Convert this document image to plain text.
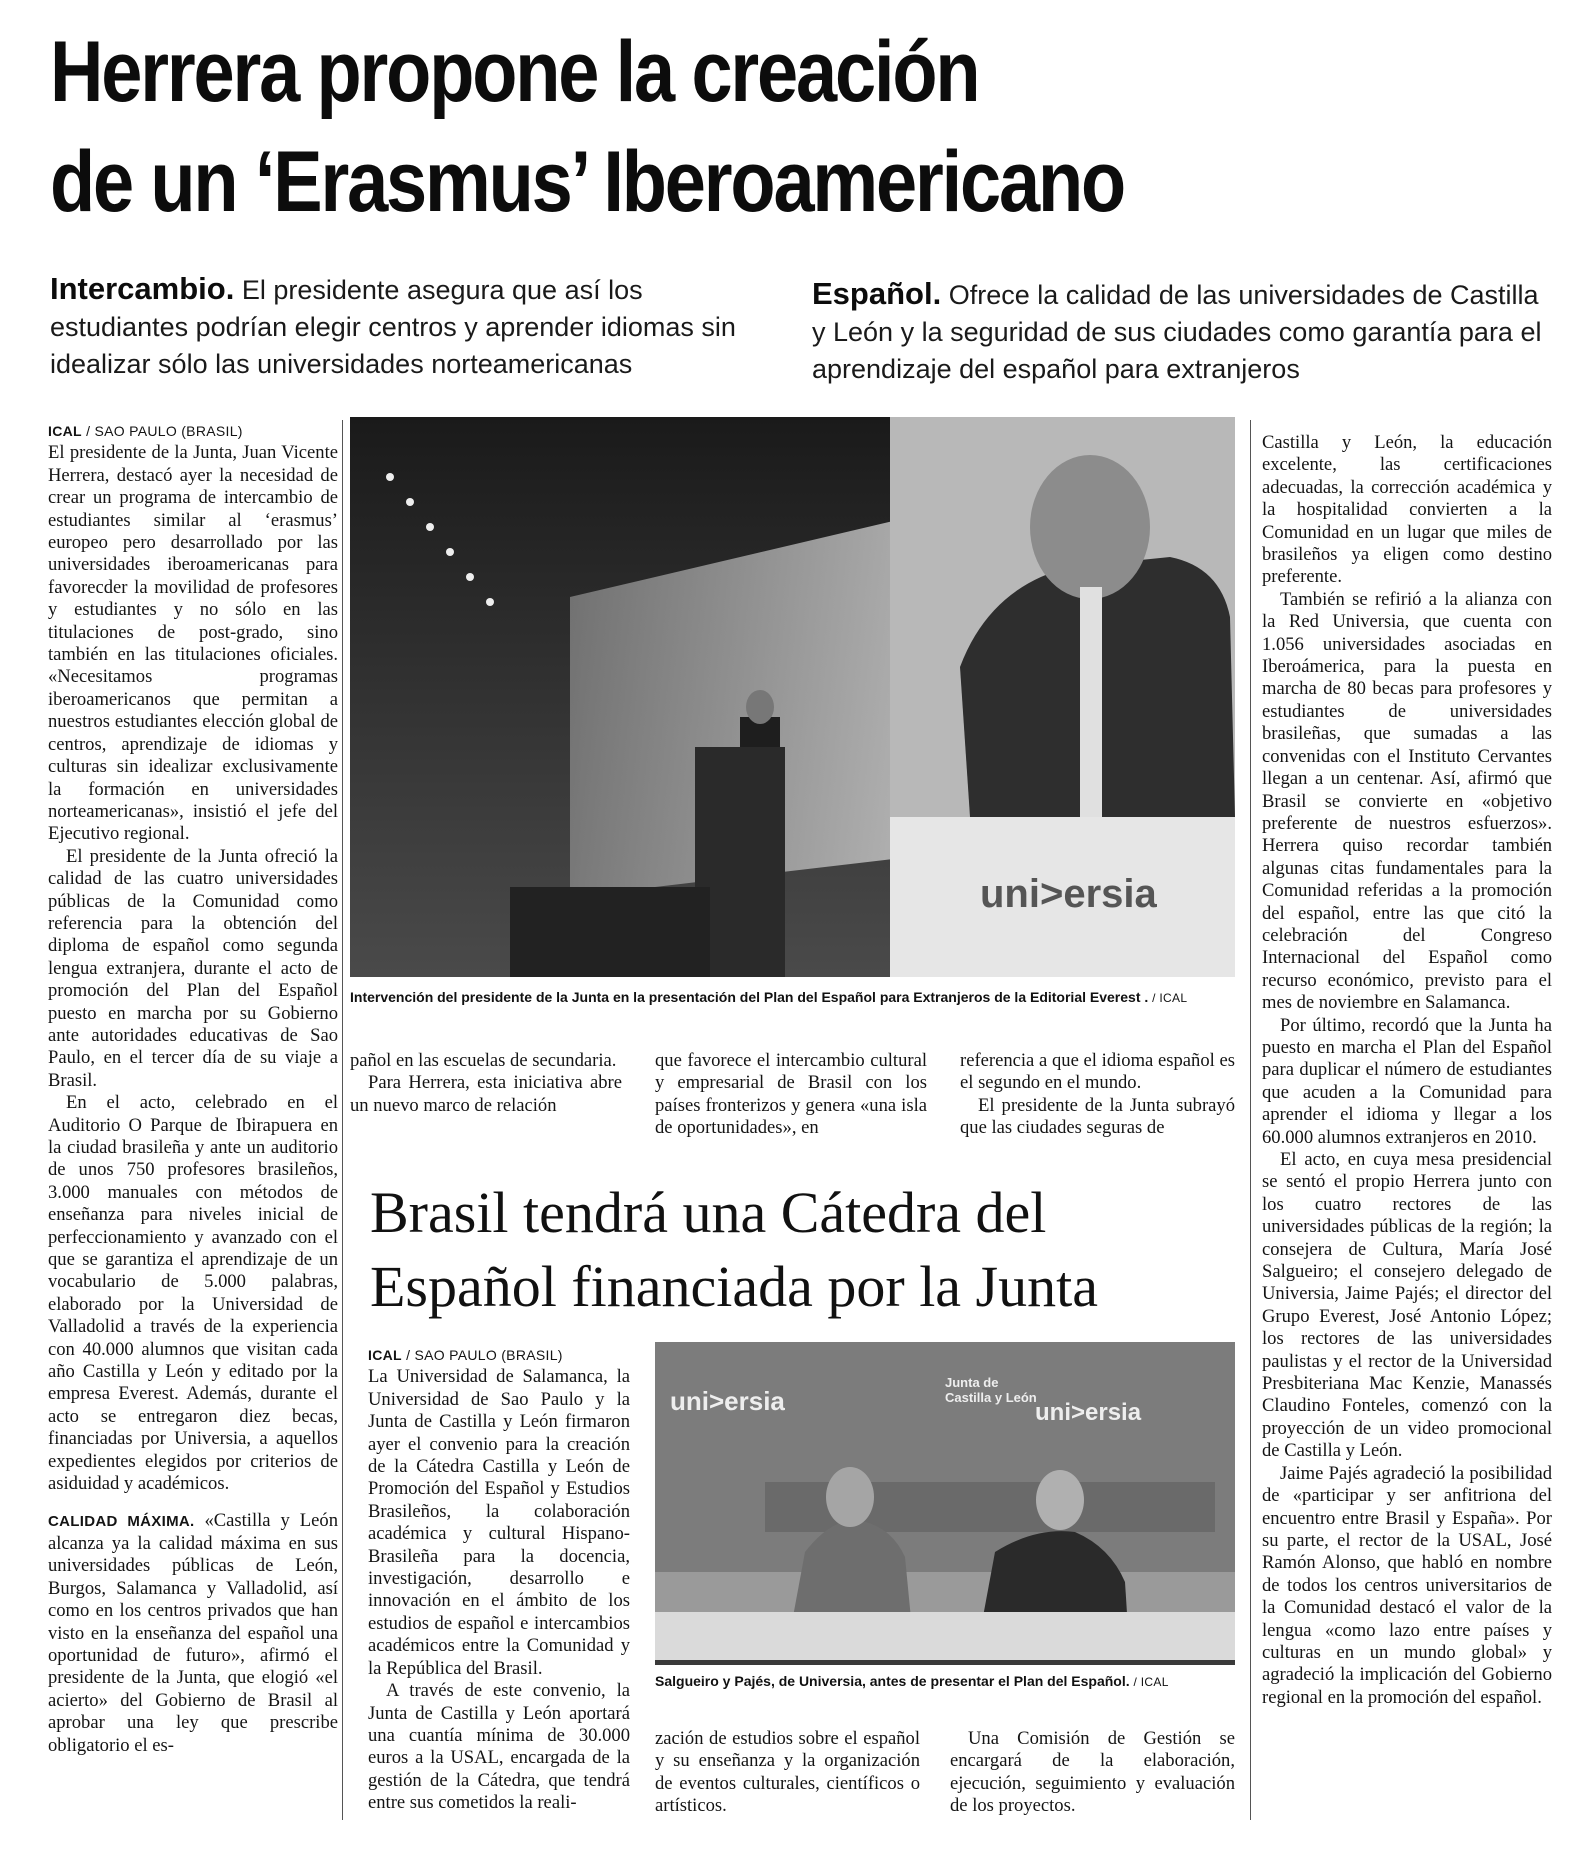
Herrera propone la creación
de un ‘Erasmus’ Iberoamericano
Intercambio. El presidente asegura que así los estudiantes podrían elegir centros y aprender idiomas sin idealizar sólo las universidades norteamericanas
Español. Ofrece la calidad de las universidades de Castilla y León y la seguridad de sus ciudades como garantía para el aprendizaje del español para extranjeros
ICAL / SAO PAULO (BRASIL)

El presidente de la Junta, Juan Vicente Herrera, destacó ayer la necesidad de crear un programa de intercambio de estudiantes similar al ‘erasmus’ europeo pero desarrollado por las universidades iberoamericanas para favorecder la movilidad de profesores y estudiantes y no sólo en las titulaciones de post-grado, sino también en las titulaciones oficiales. «Necesitamos programas iberoamericanos que permitan a nuestros estudiantes elección global de centros, aprendizaje de idiomas y culturas sin idealizar exclusivamente la formación en universidades norteamericanas», insistió el jefe del Ejecutivo regional.

El presidente de la Junta ofreció la calidad de las cuatro universidades públicas de la Comunidad como referencia para la obtención del diploma de español como segunda lengua extranjera, durante el acto de promoción del Plan del Español puesto en marcha por su Gobierno ante autoridades educativas de Sao Paulo, en el tercer día de su viaje a Brasil.

En el acto, celebrado en el Auditorio O Parque de Ibirapuera en la ciudad brasileña y ante un auditorio de unos 750 profesores brasileños, 3.000 manuales con métodos de enseñanza para niveles inicial de perfeccionamiento y avanzado con el que se garantiza el aprendizaje de un vocabulario de 5.000 palabras, elaborado por la Universidad de Valladolid a través de la experiencia con 40.000 alumnos que visitan cada año Castilla y León y editado por la empresa Everest. Además, durante el acto se entregaron diez becas, financiadas por Universia, a aquellos expedientes elegidos por criterios de asiduidad y académicos.

CALIDAD MÁXIMA. «Castilla y León alcanza ya la calidad máxima en sus universidades públicas de León, Burgos, Salamanca y Valladolid, así como en los centros privados que han visto en la enseñanza del español una oportunidad de futuro», afirmó el presidente de la Junta, que elogió «el acierto» del Gobierno de Brasil al aprobar una ley que prescribe obligatorio el es-

uni>ersia
Intervención del presidente de la Junta en la presentación del Plan del Español para Extranjeros de la Editorial Everest . / ICAL

pañol en las escuelas de secundaria.

Para Herrera, esta iniciativa abre un nuevo marco de relación

que favorece el intercambio cultural y empresarial de Brasil con los países fronterizos y genera «una isla de oportunidades», en

referencia a que el idioma español es el segundo en el mundo.

El presidente de la Junta subrayó que las ciudades seguras de

Castilla y León, la educación excelente, las certificaciones adecuadas, la corrección académica y la hospitalidad convierten a la Comunidad en un lugar que miles de brasileños ya eligen como destino preferente.

También se refirió a la alianza con la Red Universia, que cuenta con 1.056 universidades asociadas en Iberoámerica, para la puesta en marcha de 80 becas para profesores y estudiantes de universidades brasileñas, que sumadas a las convenidas con el Instituto Cervantes llegan a un centenar. Así, afirmó que Brasil se convierte en «objetivo preferente de nuestros esfuerzos». Herrera quiso recordar también algunas citas fundamentales para la Comunidad referidas a la promoción del español, entre las que citó la celebración del Congreso Internacional del Español como recurso económico, previsto para el mes de noviembre en Salamanca.

Por último, recordó que la Junta ha puesto en marcha el Plan del Español para duplicar el número de estudiantes que acuden a la Comunidad para aprender el idioma y llegar a los 60.000 alumnos extranjeros en 2010.

El acto, en cuya mesa presidencial se sentó el propio Herrera junto con los cuatro rectores de las universidades públicas de la región; la consejera de Cultura, María José Salgueiro; el consejero delegado de Universia, Jaime Pajés; el director del Grupo Everest, José Antonio López; los rectores de las universidades paulistas y el rector de la Universidad Presbiteriana Mac Kenzie, Manassés Claudino Fonteles, comenzó con la proyección de un video promocional de Castilla y León.

Jaime Pajés agradeció la posibilidad de «participar y ser anfitriona del encuentro entre Brasil y España». Por su parte, el rector de la USAL, José Ramón Alonso, que habló en nombre de todos los centros universitarios de la Comunidad destacó el valor de la lengua «como lazo entre países y culturas en un mundo global» y agradeció la implicación del Gobierno regional en la promoción del español.

Brasil tendrá una Cátedra del
Español financiada por la Junta
ICAL / SAO PAULO (BRASIL)

La Universidad de Salamanca, la Universidad de Sao Paulo y la Junta de Castilla y León firmaron ayer el convenio para la creación de la Cátedra Castilla y León de Promoción del Español y Estudios Brasileños, la colaboración académica y cultural Hispano-Brasileña para la docencia, investigación, desarrollo e innovación en el ámbito de los estudios de español e intercambios académicos entre la Comunidad y la República del Brasil.

A través de este convenio, la Junta de Castilla y León aportará una cuantía mínima de 30.000 euros a la USAL, encargada de la gestión de la Cátedra, que tendrá entre sus cometidos la reali-

uni>ersia	uni>ersia
Junta de
Castilla y León
Salgueiro y Pajés, de Universia, antes de presentar el Plan del Español. / ICAL

zación de estudios sobre el español y su enseñanza y la organización de eventos culturales, científicos o artísticos.

Una Comisión de Gestión se encargará de la elaboración, ejecución, seguimiento y evaluación de los proyectos.
